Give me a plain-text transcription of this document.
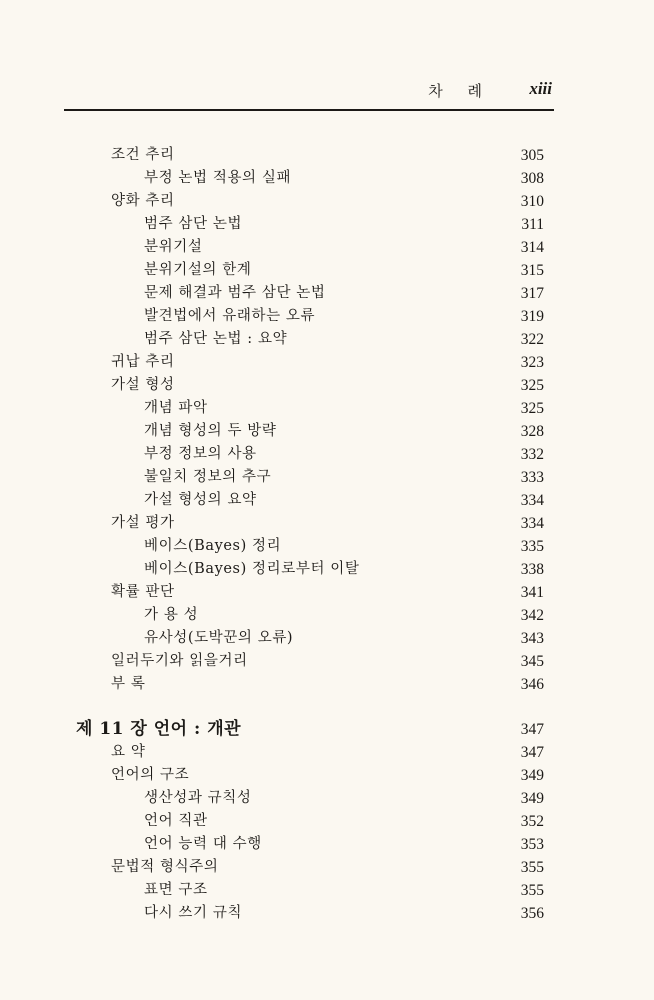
차 례 xiii
조건 추리	305
부정 논법 적용의 실패	308
양화 추리	310
범주 삼단 논법	311
분위기설	314
분위기설의 한계	315
문제 해결과 범주 삼단 논법	317
발견법에서 유래하는 오류	319
범주 삼단 논법 : 요약	322
귀납 추리	323
가설 형성	325
개념 파악	325
개념 형성의 두 방략	328
부정 정보의 사용	332
불일치 정보의 추구	333
가설 형성의 요약	334
가설 평가	334
베이스(Bayes) 정리	335
베이스(Bayes) 정리로부터 이탈	338
확률 판단	341
가 용 성	342
유사성(도박꾼의 오류)	343
일러두기와 읽을거리	345
부 록	346
제 11 장 언어 : 개관	347
요 약	347
언어의 구조	349
생산성과 규칙성	349
언어 직관	352
언어 능력 대 수행	353
문법적 형식주의	355
표면 구조	355
다시 쓰기 규칙	356
